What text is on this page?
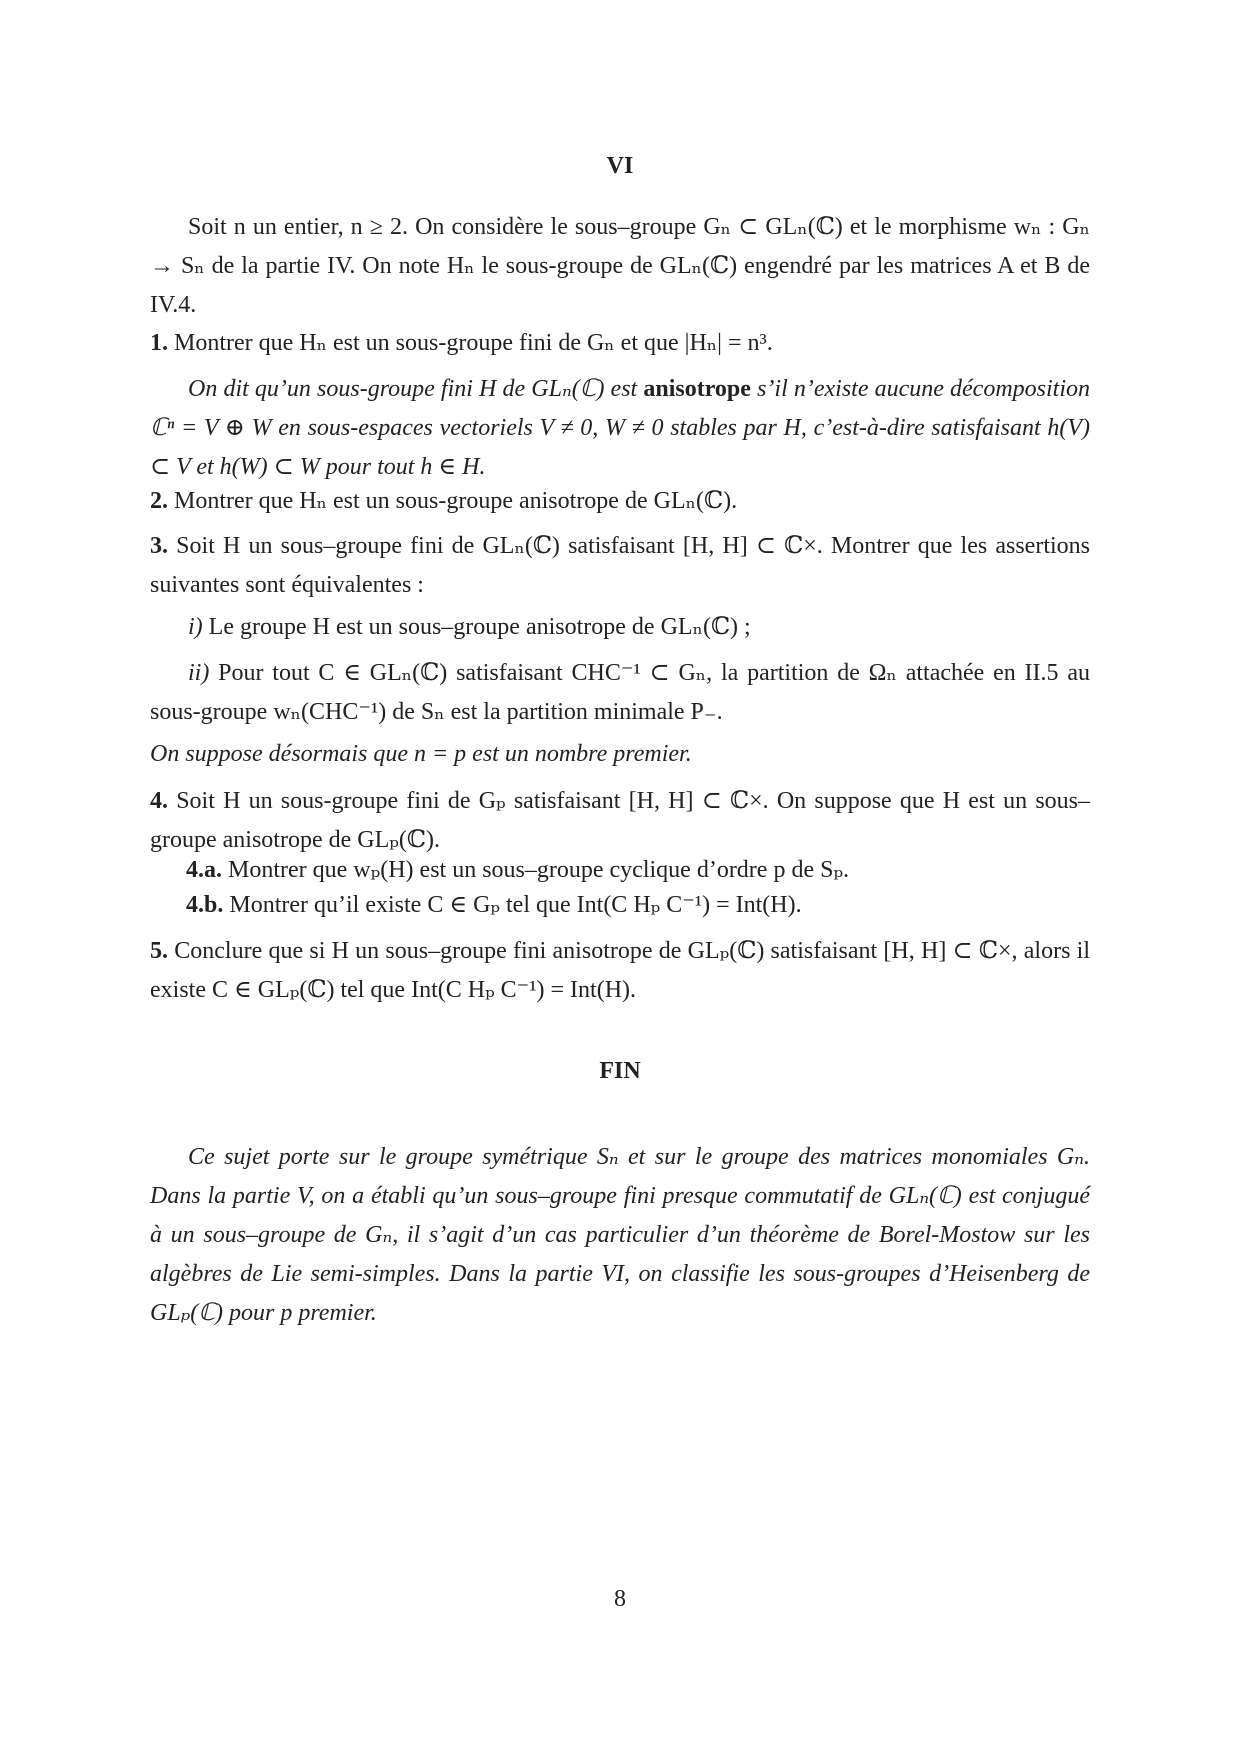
VI
Soit n un entier, n ≥ 2. On considère le sous–groupe Gₙ ⊂ GLₙ(ℂ) et le morphisme wₙ : Gₙ → Sₙ de la partie IV. On note Hₙ le sous-groupe de GLₙ(ℂ) engendré par les matrices A et B de IV.4.
1. Montrer que Hₙ est un sous-groupe fini de Gₙ et que |Hₙ| = n³.
On dit qu’un sous-groupe fini H de GLₙ(ℂ) est anisotrope s’il n’existe aucune décomposition ℂⁿ = V ⊕ W en sous-espaces vectoriels V ≠ 0, W ≠ 0 stables par H, c’est-à-dire satisfaisant h(V) ⊂ V et h(W) ⊂ W pour tout h ∈ H.
2. Montrer que Hₙ est un sous-groupe anisotrope de GLₙ(ℂ).
3. Soit H un sous–groupe fini de GLₙ(ℂ) satisfaisant [H, H] ⊂ ℂ×. Montrer que les assertions suivantes sont équivalentes :
i) Le groupe H est un sous–groupe anisotrope de GLₙ(ℂ) ;
ii) Pour tout C ∈ GLₙ(ℂ) satisfaisant CHC⁻¹ ⊂ Gₙ, la partition de Ωₙ attachée en II.5 au sous-groupe wₙ(CHC⁻¹) de Sₙ est la partition minimale P₋.
On suppose désormais que n = p est un nombre premier.
4. Soit H un sous-groupe fini de Gₚ satisfaisant [H, H] ⊂ ℂ×. On suppose que H est un sous–groupe anisotrope de GLₚ(ℂ).
4.a. Montrer que wₚ(H) est un sous–groupe cyclique d’ordre p de Sₚ.
4.b. Montrer qu’il existe C ∈ Gₚ tel que Int(C Hₚ C⁻¹) = Int(H).
5. Conclure que si H un sous–groupe fini anisotrope de GLₚ(ℂ) satisfaisant [H, H] ⊂ ℂ×, alors il existe C ∈ GLₚ(ℂ) tel que Int(C Hₚ C⁻¹) = Int(H).
FIN
Ce sujet porte sur le groupe symétrique Sₙ et sur le groupe des matrices monomiales Gₙ. Dans la partie V, on a établi qu’un sous–groupe fini presque commutatif de GLₙ(ℂ) est conjugué à un sous–groupe de Gₙ, il s’agit d’un cas particulier d’un théorème de Borel-Mostow sur les algèbres de Lie semi-simples. Dans la partie VI, on classifie les sous-groupes d’Heisenberg de GLₚ(ℂ) pour p premier.
8
